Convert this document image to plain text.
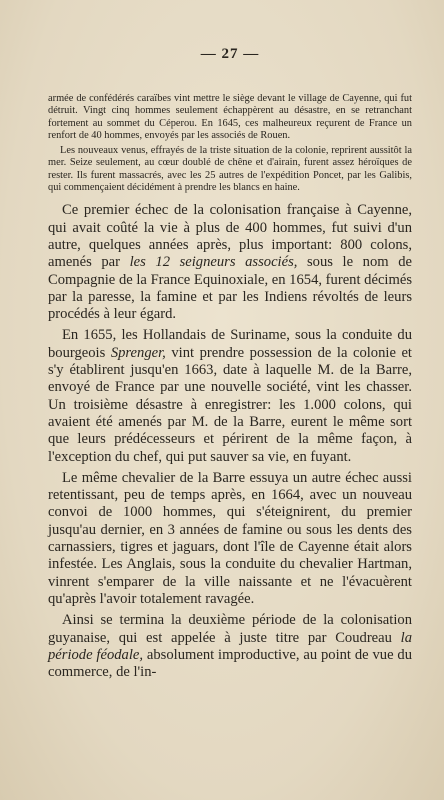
— 27 —

armée de confédérés caraïbes vint mettre le siège devant le village de Cayenne, qui fut détruit. Vingt cinq hommes seulement échappèrent au désastre, en se retranchant fortement au sommet du Céperou. En 1645, ces malheureux reçurent de France un renfort de 40 hommes, envoyés par les associés de Rouen.

Les nouveaux venus, effrayés de la triste situation de la colonie, reprirent aussitôt la mer. Seize seulement, au cœur doublé de chêne et d'airain, furent assez héroïques de rester. Ils furent massacrés, avec les 25 autres de l'expédition Poncet, par les Galibis, qui commençaient décidément à prendre les blancs en haine.

Ce premier échec de la colonisation française à Cayenne, qui avait coûté la vie à plus de 400 hommes, fut suivi d'un autre, quelques années après, plus important: 800 colons, amenés par les 12 seigneurs associés, sous le nom de Compagnie de la France Equinoxiale, en 1654, furent décimés par la paresse, la famine et par les Indiens révoltés de leurs procédés à leur égard.

En 1655, les Hollandais de Suriname, sous la conduite du bourgeois Sprenger, vint prendre possession de la colonie et s'y établirent jusqu'en 1663, date à laquelle M. de la Barre, envoyé de France par une nouvelle société, vint les chasser. Un troisième désastre à enregistrer: les 1.000 colons, qui avaient été amenés par M. de la Barre, eurent le même sort que leurs prédécesseurs et périrent de la même façon, à l'exception du chef, qui put sauver sa vie, en fuyant.

Le même chevalier de la Barre essuya un autre échec aussi retentissant, peu de temps après, en 1664, avec un nouveau convoi de 1000 hommes, qui s'éteignirent, du premier jusqu'au dernier, en 3 années de famine ou sous les dents des carnassiers, tigres et jaguars, dont l'île de Cayenne était alors infestée. Les Anglais, sous la conduite du chevalier Hartman, vinrent s'emparer de la ville naissante et ne l'évacuèrent qu'après l'avoir totalement ravagée.

Ainsi se termina la deuxième période de la colonisation guyanaise, qui est appelée à juste titre par Coudreau la période féodale, absolument improductive, au point de vue du commerce, de l'in-
